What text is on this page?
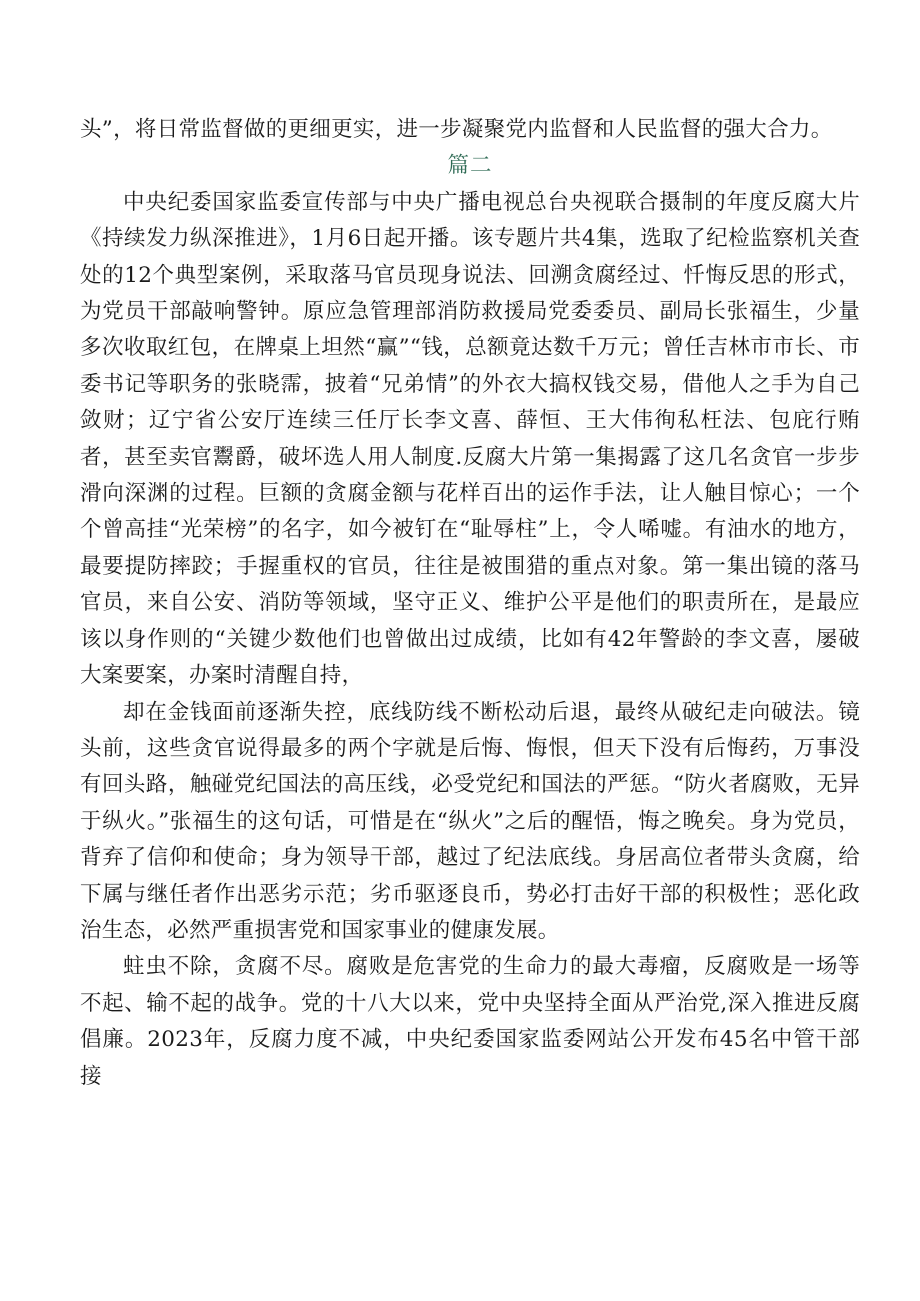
头”，将日常监督做的更细更实，进一步凝聚党内监督和人民监督的强大合力。

篇二

中央纪委国家监委宣传部与中央广播电视总台央视联合摄制的年度反腐大片《持续发力纵深推进》，1月6日起开播。该专题片共4集，选取了纪检监察机关查处的12个典型案例，采取落马官员现身说法、回溯贪腐经过、忏悔反思的形式，为党员干部敲响警钟。原应急管理部消防救援局党委委员、副局长张福生，少量多次收取红包，在牌桌上坦然“赢”“钱，总额竟达数千万元；曾任吉林市市长、市委书记等职务的张晓霈，披着“兄弟情”的外衣大搞权钱交易，借他人之手为自己敛财；辽宁省公安厅连续三任厅长李文喜、薛恒、王大伟徇私枉法、包庇行贿者，甚至卖官鬻爵，破坏选人用人制度.反腐大片第一集揭露了这几名贪官一步步滑向深渊的过程。巨额的贪腐金额与花样百出的运作手法，让人触目惊心；一个个曾高挂“光荣榜”的名字，如今被钉在“耻辱柱”上，令人唏嘘。有油水的地方，最要提防摔跤；手握重权的官员，往往是被围猎的重点对象。第一集出镜的落马官员，来自公安、消防等领域，坚守正义、维护公平是他们的职责所在，是最应该以身作则的“关键少数他们也曾做出过成绩，比如有42年警龄的李文喜，屡破大案要案，办案时清醒自持，

却在金钱面前逐渐失控，底线防线不断松动后退，最终从破纪走向破法。镜头前，这些贪官说得最多的两个字就是后悔、悔恨，但天下没有后悔药，万事没有回头路，触碰党纪国法的高压线，必受党纪和国法的严惩。“防火者腐败，无异于纵火。”张福生的这句话，可惜是在“纵火”之后的醒悟，悔之晚矣。身为党员，背弃了信仰和使命；身为领导干部，越过了纪法底线。身居高位者带头贪腐，给下属与继任者作出恶劣示范；劣币驱逐良币，势必打击好干部的积极性；恶化政治生态，必然严重损害党和国家事业的健康发展。

蛀虫不除，贪腐不尽。腐败是危害党的生命力的最大毒瘤，反腐败是一场等不起、输不起的战争。党的十八大以来，党中央坚持全面从严治党,深入推进反腐倡廉。2023年，反腐力度不减，中央纪委国家监委网站公开发布45名中管干部接
